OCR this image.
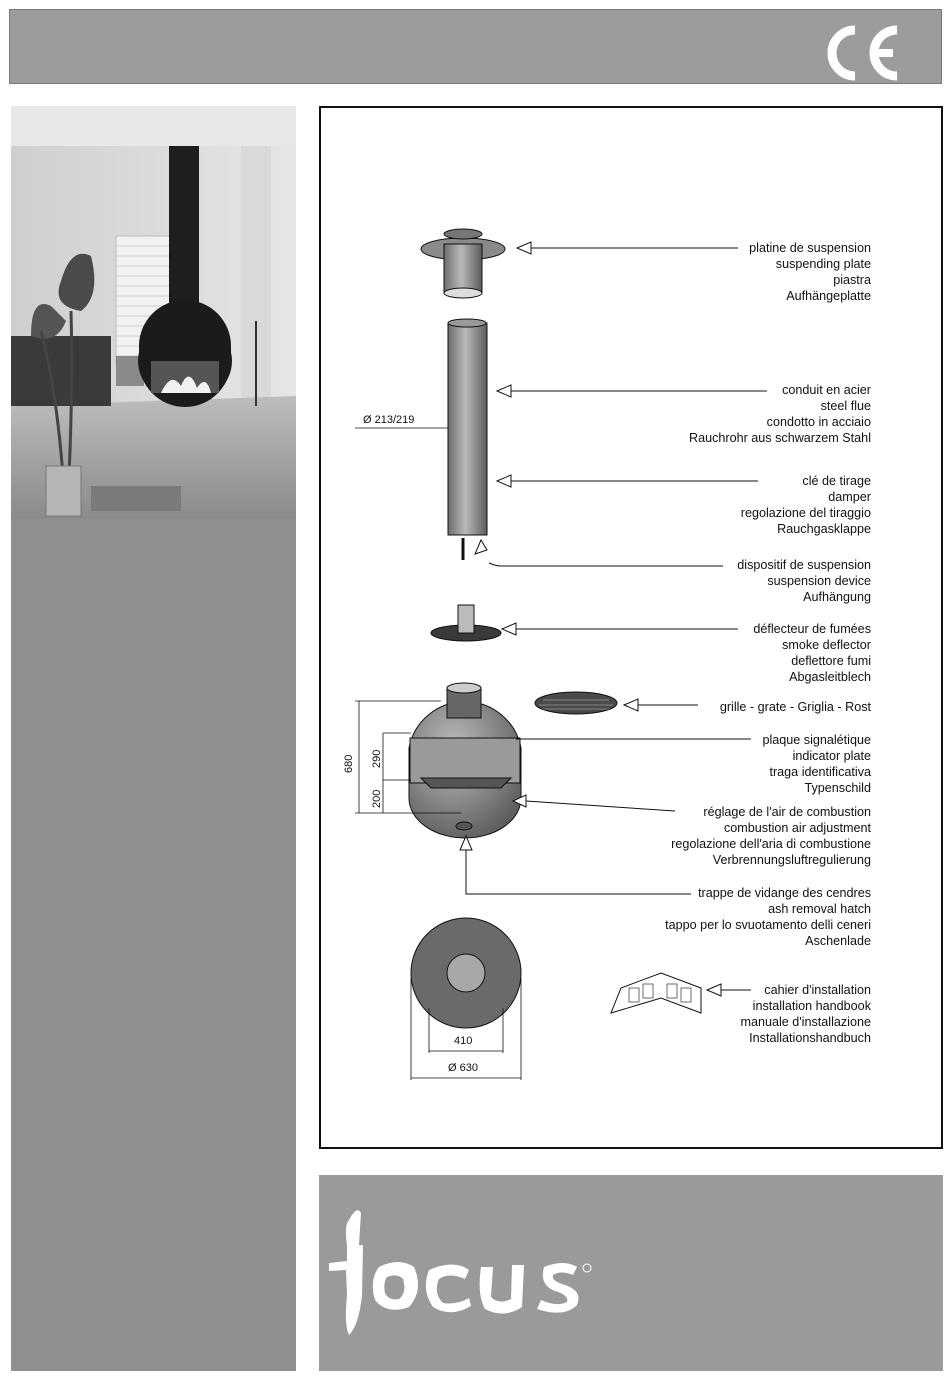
platine de suspension
suspending plate
piastra
Aufhängeplatte
conduit en acier
steel flue
condotto in acciaio
Rauchrohr aus schwarzem Stahl
clé de tirage
damper
regolazione del tiraggio
Rauchgasklappe
dispositif de suspension
suspension device
Aufhängung
déflecteur de fumées
smoke deflector
deflettore fumi
Abgasleitblech
grille - grate - Griglia - Rost
plaque signalétique
indicator plate
traga identificativa
Typenschild
réglage de l'air de combustion
combustion air adjustment
regolazione dell'aria di combustione
Verbrennungsluftregulierung
trappe de vidange des cendres
ash removal hatch
tappo per lo svuotamento delli ceneri
Aschenlade
cahier d'installation
installation handbook
manuale d'installazione
Installationshandbuch
Ø 213/219
680 290
200
410
Ø 630
